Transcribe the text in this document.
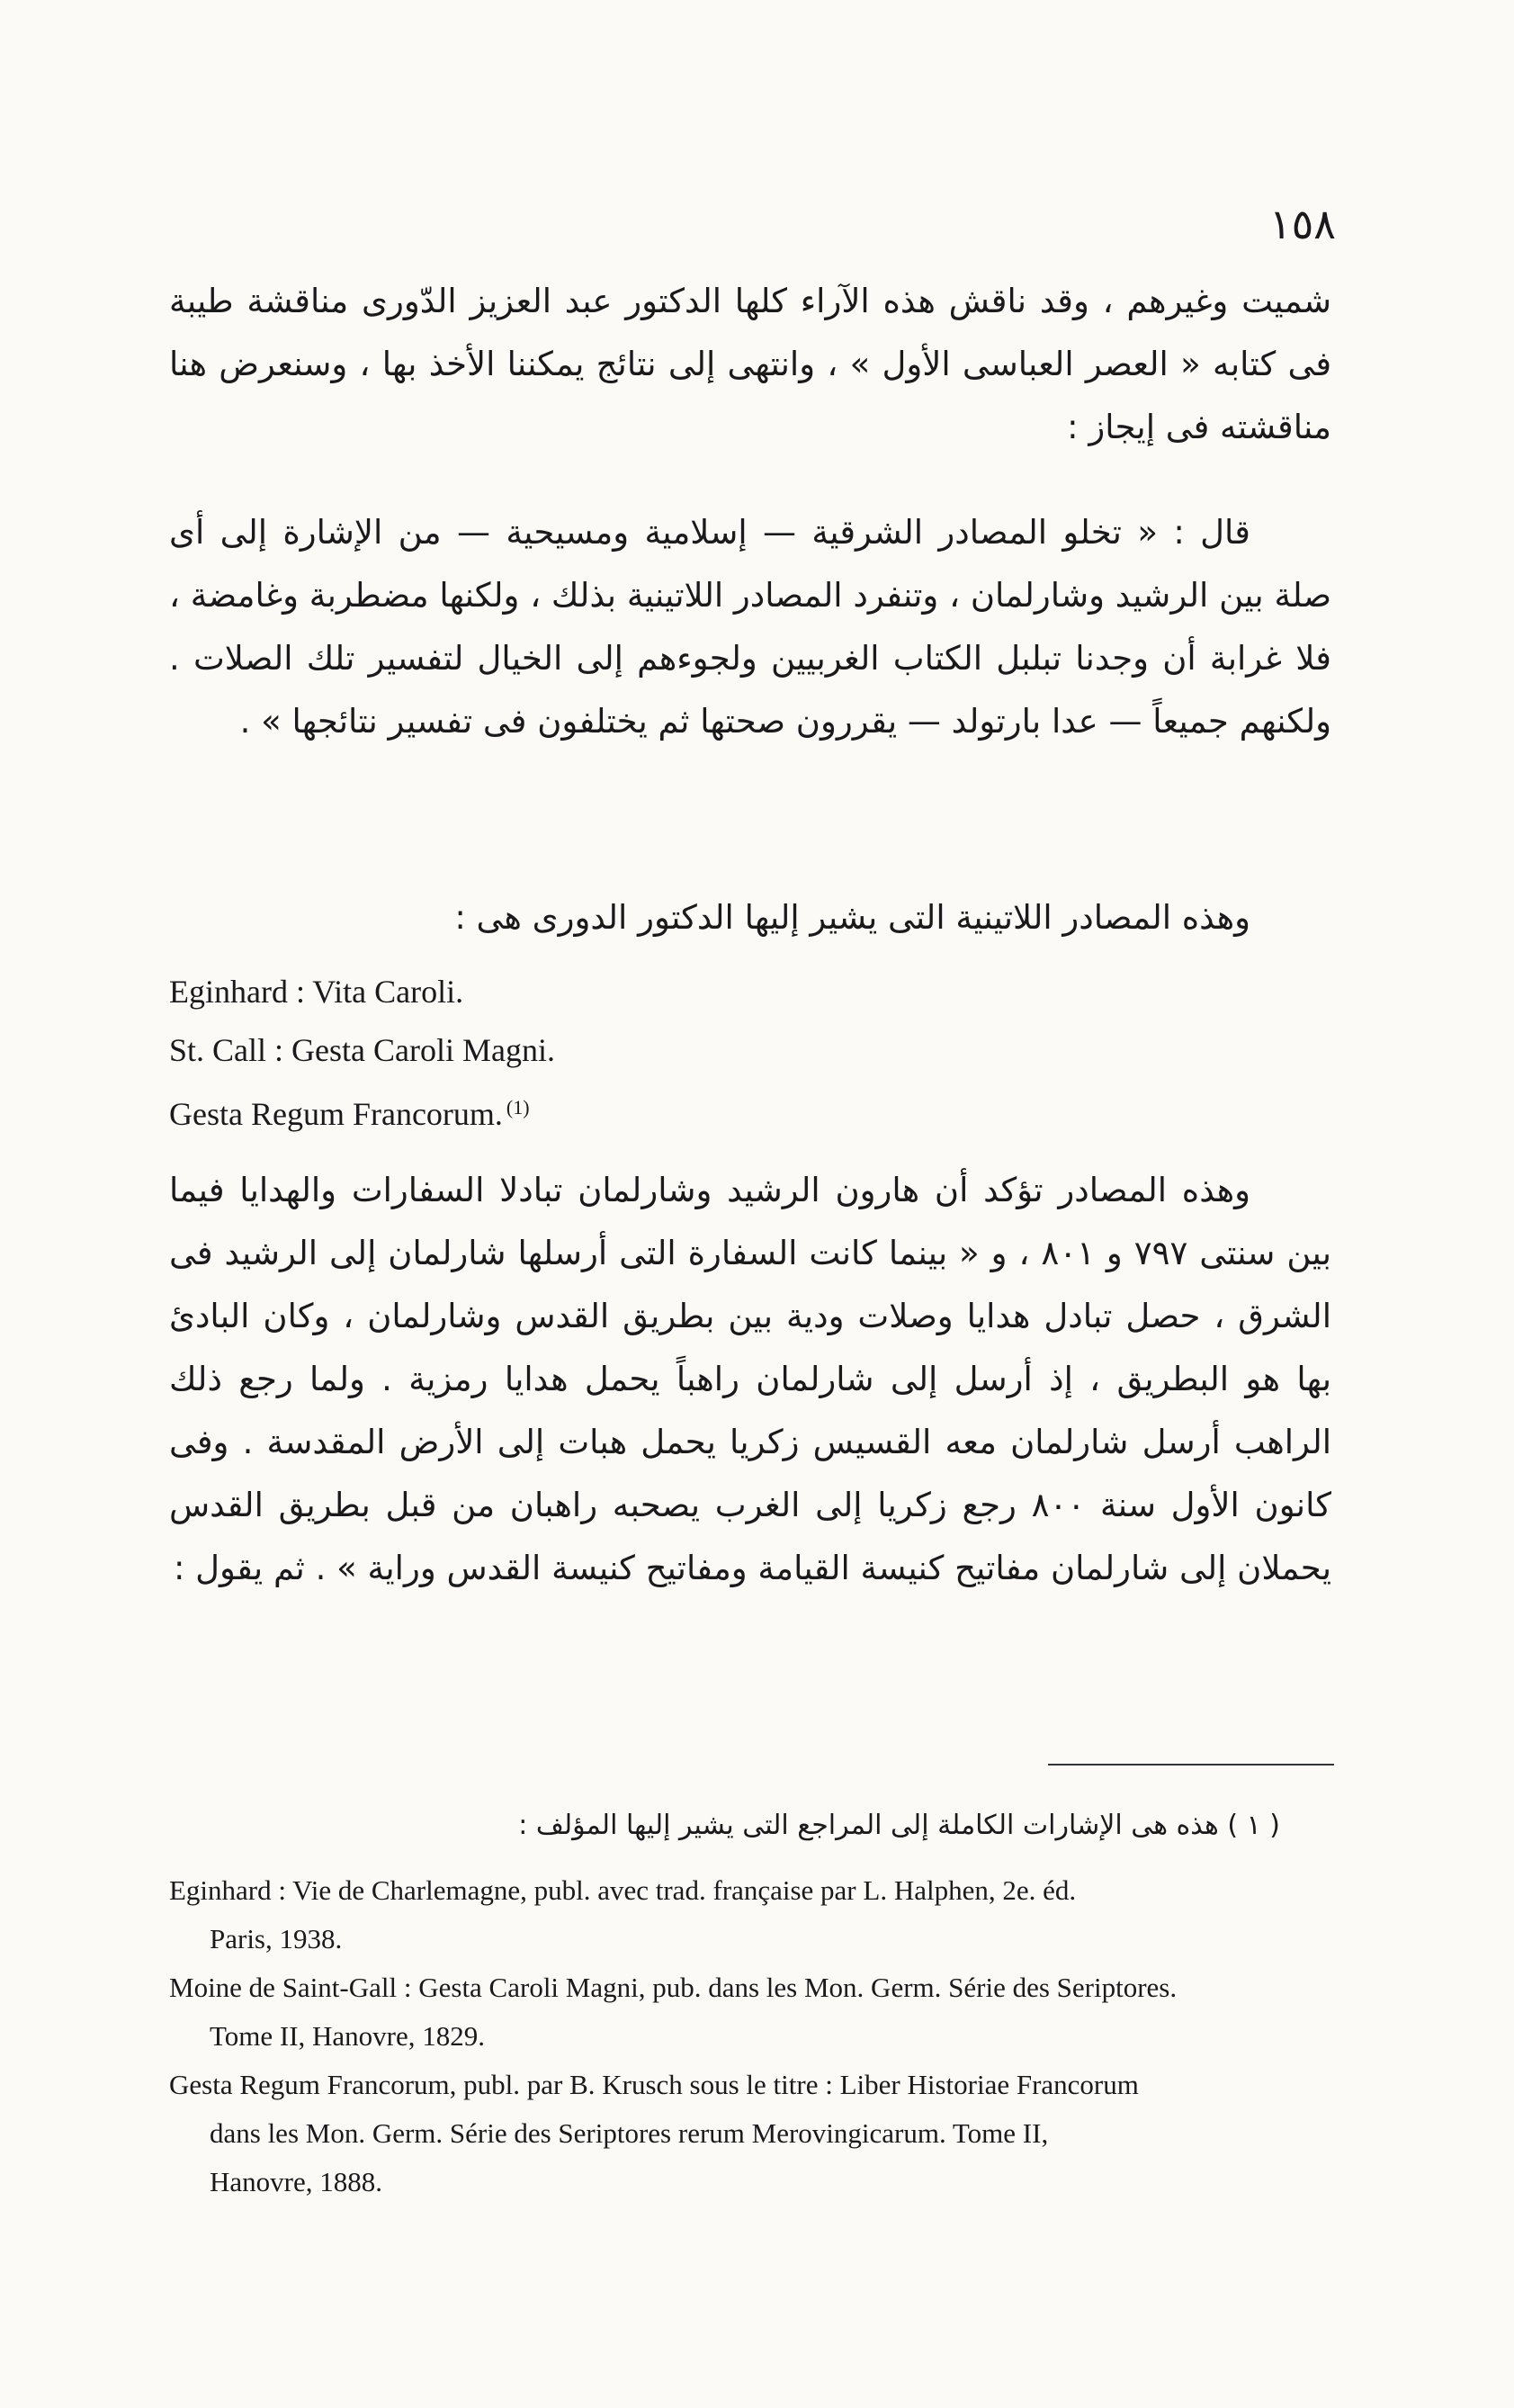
١٥٨

شميت وغيرهم ، وقد ناقش هذه الآراء كلها الدكتور عبد العزيز الدّورى مناقشة طيبة فى كتابه « العصر العباسى الأول » ، وانتهى إلى نتائج يمكننا الأخذ بها ، وسنعرض هنا مناقشته فى إيجاز :

قال : « تخلو المصادر الشرقية — إسلامية ومسيحية — من الإشارة إلى أى صلة بين الرشيد وشارلمان ، وتنفرد المصادر اللاتينية بذلك ، ولكنها مضطربة وغامضة ، فلا غرابة أن وجدنا تبلبل الكتاب الغربيين ولجوءهم إلى الخيال لتفسير تلك الصلات . ولكنهم جميعاً — عدا بارتولد — يقررون صحتها ثم يختلفون فى تفسير نتائجها » .

وهذه المصادر اللاتينية التى يشير إليها الدكتور الدورى هى :

Eginhard : Vita Caroli.
St. Call : Gesta Caroli Magni.
Gesta Regum Francorum. $^{(1)}$

وهذه المصادر تؤكد أن هارون الرشيد وشارلمان تبادلا السفارات والهدايا فيما بين سنتى ٧٩٧ و ٨٠١ ، و « بينما كانت السفارة التى أرسلها شارلمان إلى الرشيد فى الشرق ، حصل تبادل هدايا وصلات ودية بين بطريق القدس وشارلمان ، وكان البادئ بها هو البطريق ، إذ أرسل إلى شارلمان راهباً يحمل هدايا رمزية . ولما رجع ذلك الراهب أرسل شارلمان معه القسيس زكريا يحمل هبات إلى الأرض المقدسة . وفى كانون الأول سنة ٨٠٠ رجع زكريا إلى الغرب يصحبه راهبان من قبل بطريق القدس يحملان إلى شارلمان مفاتيح كنيسة القيامة ومفاتيح كنيسة القدس وراية » . ثم يقول :

( ١ ) هذه هى الإشارات الكاملة إلى المراجع التى يشير إليها المؤلف :
Eginhard : Vie de Charlemagne, publ. avec trad. française par L. Halphen, 2e. éd.
Paris, 1938.
Moine de Saint-Gall : Gesta Caroli Magni, pub. dans les Mon. Germ. Série des Seriptores.
Tome II, Hanovre, 1829.
Gesta Regum Francorum, publ. par B. Krusch sous le titre : Liber Historiae Francorum
dans les Mon. Germ. Série des Seriptores rerum Merovingicarum. Tome II,
Hanovre, 1888.
